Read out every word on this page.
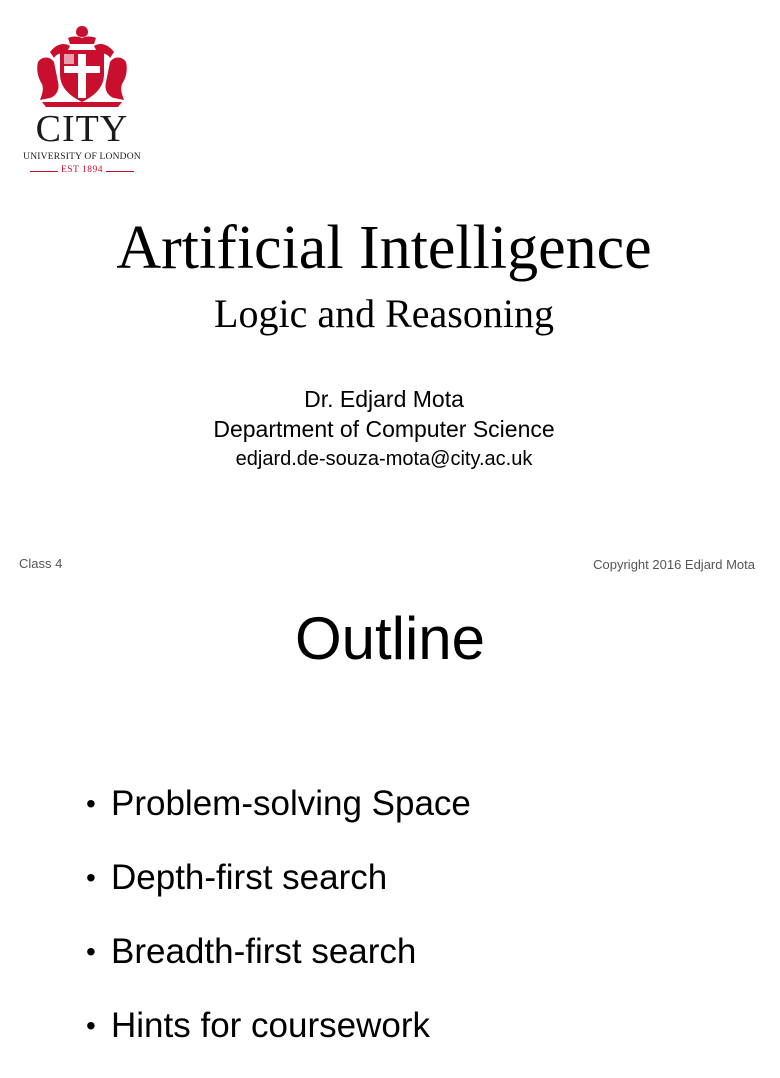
CITY
UNIVERSITY OF LONDON
EST 1894
Artificial Intelligence
Logic and Reasoning
Dr. Edjard Mota
Department of Computer Science
edjard.de-souza-mota@city.ac.uk
Class 4	Copyright 2016 Edjard Mota
Outline
• Problem-solving Space
• Depth-first search
• Breadth-first search
• Hints for coursework
